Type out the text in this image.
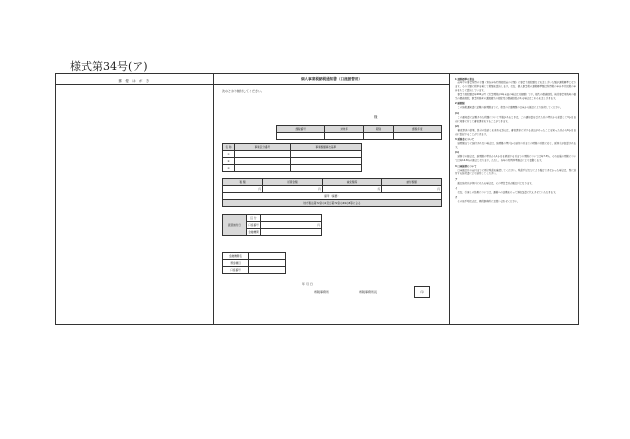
様式第34号(ア)
郵 便 は が き	個人事業税納税通知書（口座振替用）
次のとおり納付してください。
様
課税番号	対象年	期別	課税年度

名 称	事業区分番号	事業税額算出基準
①		
②		
③		
税 額	延滞金額	減免額等	納付税額
円	円	円	円
備考（摘要）			
地方税法第72条の2及び第72条の49の8等による			
振替納付日	区 分	
	口座番号	円
	金融機関	
金融機関名	
預金種目	
口座番号	
年 月 日
県税事務所	県税事務所長	印
1 課税標準の算出
前年中の事業所得の金額（青色申告特別控除前の金額）に事業主控除額などを差し引いた額が課税標準となります。その金額に税率を乗じて税額を算出します。なお、個人事業税の課税標準額は所得税の申告や住民税の申告をもとに算出しています。
事業主控除額は年290万円（営業期間が1年未満の場合は月割額）です。損失の繰越控除、被災事業用資産の損失の繰越控除、事業用資産の譲渡損失の控除及び繰越控除がある場合はこれらを差し引きます。
2 納期限
この納税通知書に記載の納期限までに、指定の金融機関の口座から振替により納付してください。
(1)
この通知書に記載された税額について不服があるときは、この通知書を受けた日の翌日から起算して3か月以内に知事に対して審査請求をすることができます。
(2)
審査請求の結果、処分の取消しを求める訴えは、審査請求に対する裁決があったことを知った日から6か月以内に提起することができます。
3 延滞金について
納期限までに納付されない場合は、納期限の翌日から納付の日までの期間の日数に応じ、延滞金が加算されます。
(1)
延滞金の割合は、納期限の翌日から1か月を経過する日までの期間については年7.3％、それ以後の期間については年14.6％の割合となります。ただし、各年の特例基準割合により変動します。
4 口座振替について
口座振替日の前日までに預金残高を確認してください。残高不足などにより振替できなかった場合は、別に送付する納付書により納付してください。
ア
振替納付日が休日にあたる場合は、その翌営業日が振替日となります。
イ
なお、引落しの結果については、通帳への記載をもって領収証書に代えさせていただきます。
ウ
その他不明な点は、県税事務所にお問い合わせください。
